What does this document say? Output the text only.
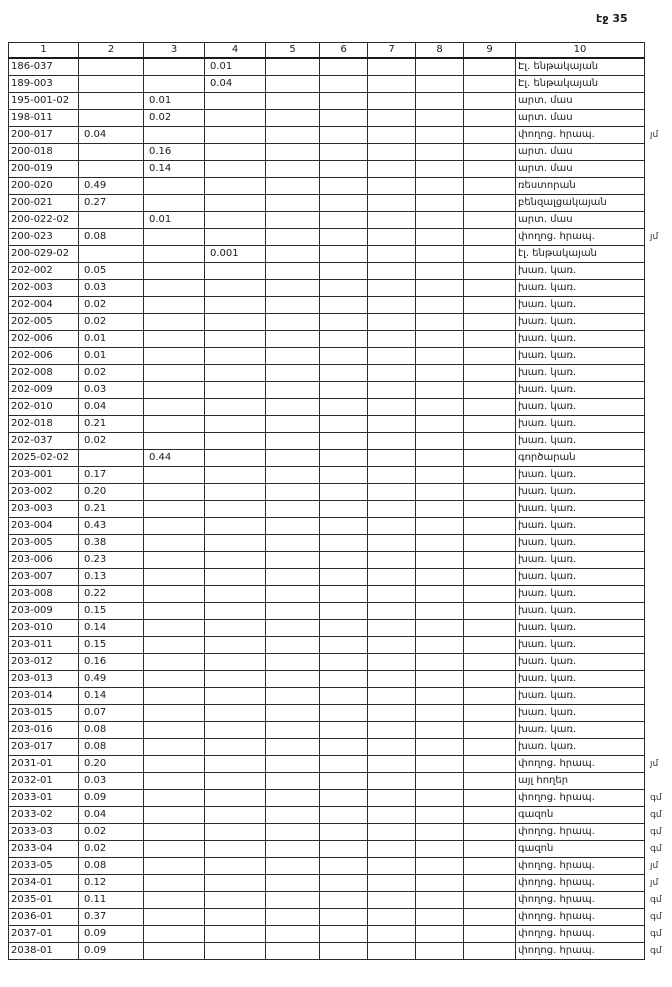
էջ 35
1	2	3	4	5	6	7	8	9	10
186-037			0.01						Էլ. ենթակայան
189-003			0.04						Էլ. ենթակայան
195-001-02		0.01							արտ. մաս
198-011		0.02							արտ. մաս
200-017	0.04								փողոց. հրապ.
200-018		0.16							արտ. մաս
200-019		0.14							արտ. մաս
200-020	0.49								ռեստորան
200-021	0.27								բենզալցակայան
200-022-02		0.01							արտ. մաս
200-023	0.08								փողոց. հրապ.
200-029-02			0.001						էլ. ենթակայան
202-002	0.05								խառ. կառ.
202-003	0.03								խառ. կառ.
202-004	0.02								խառ. կառ.
202-005	0.02								խառ. կառ.
202-006	0.01								խառ. կառ.
202-006	0.01								խառ. կառ.
202-008	0.02								խառ. կառ.
202-009	0.03								խառ. կառ.
202-010	0.04								խառ. կառ.
202-018	0.21								խառ. կառ.
202-037	0.02								խառ. կառ.
2025-02-02		0.44							գործարան
203-001	0.17								խառ. կառ.
203-002	0.20								խառ. կառ.
203-003	0.21								խառ. կառ.
203-004	0.43								խառ. կառ.
203-005	0.38								խառ. կառ.
203-006	0.23								խառ. կառ.
203-007	0.13								խառ. կառ.
203-008	0.22								խառ. կառ.
203-009	0.15								խառ. կառ.
203-010	0.14								խառ. կառ.
203-011	0.15								խառ. կառ.
203-012	0.16								խառ. կառ.
203-013	0.49								խառ. կառ.
203-014	0.14								խառ. կառ.
203-015	0.07								խառ. կառ.
203-016	0.08								խառ. կառ.
203-017	0.08								խառ. կառ.
2031-01	0.20								փողոց. հրապ.
2032-01	0.03								այլ հողեր
2033-01	0.09								փողոց. հրապ.
2033-02	0.04								գազոն
2033-03	0.02								փողոց. հրապ.
2033-04	0.02								գազոն
2033-05	0.08								փողոց. հրապ.
2034-01	0.12								փողոց. հրապ.
2035-01	0.11								փողոց. հրապ.
2036-01	0.37								փողոց. հրապ.
2037-01	0.09								փողոց. հրապ.
2038-01	0.09								փողոց. հրապ.
յմ
յմ
յմ
գմ
գմ
գմ
գմ
յմ
յմ
գմ
գմ
գմ
գմ
